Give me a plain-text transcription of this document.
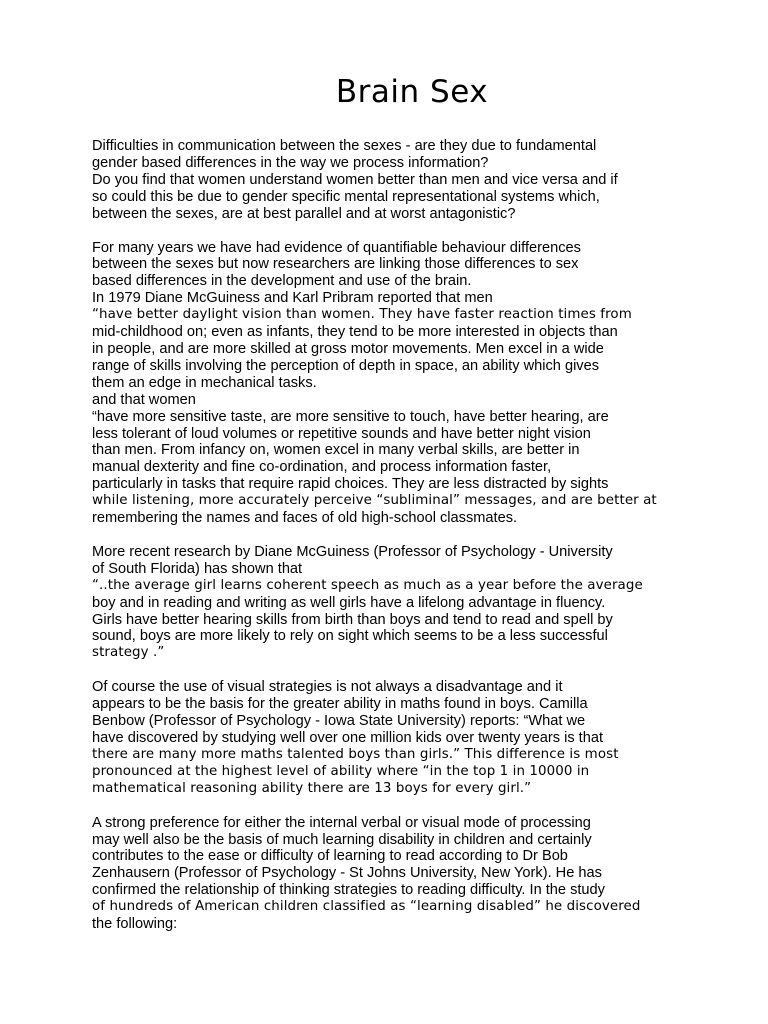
Brain Sex
Difficulties in communication between the sexes - are they due to fundamental
gender based differences in the way we process information?
Do you find that women understand women better than men and vice versa and if
so could this be due to gender specific mental representational systems which,
between the sexes, are at best parallel and at worst antagonistic?
For many years we have had evidence of quantifiable behaviour differences
between the sexes but now researchers are linking those differences to sex
based differences in the development and use of the brain.
In 1979 Diane McGuiness and Karl Pribram reported that men
“have better daylight vision than women. They have faster reaction times from
mid-childhood on; even as infants, they tend to be more interested in objects than
in people, and are more skilled at gross motor movements. Men excel in a wide
range of skills involving the perception of depth in space, an ability which gives
them an edge in mechanical tasks.
and that women
“have more sensitive taste, are more sensitive to touch, have better hearing, are
less tolerant of loud volumes or repetitive sounds and have better night vision
than men. From infancy on, women excel in many verbal skills, are better in
manual dexterity and fine co-ordination, and process information faster,
particularly in tasks that require rapid choices. They are less distracted by sights
while listening, more accurately perceive “subliminal” messages, and are better at
remembering the names and faces of old high-school classmates.
More recent research by Diane McGuiness (Professor of Psychology - University
of South Florida) has shown that
“..the average girl learns coherent speech as much as a year before the average
boy and in reading and writing as well girls have a lifelong advantage in fluency.
Girls have better hearing skills from birth than boys and tend to read and spell by
sound, boys are more likely to rely on sight which seems to be a less successful
strategy .”
Of course the use of visual strategies is not always a disadvantage and it
appears to be the basis for the greater ability in maths found in boys. Camilla
Benbow (Professor of Psychology - Iowa State University) reports: “What we
have discovered by studying well over one million kids over twenty years is that
there are many more maths talented boys than girls.” This difference is most
pronounced at the highest level of ability where “in the top 1 in 10000 in
mathematical reasoning ability there are 13 boys for every girl.”
A strong preference for either the internal verbal or visual mode of processing
may well also be the basis of much learning disability in children and certainly
contributes to the ease or difficulty of learning to read according to Dr Bob
Zenhausern (Professor of Psychology - St Johns University, New York). He has
confirmed the relationship of thinking strategies to reading difficulty. In the study
of hundreds of American children classified as “learning disabled” he discovered
the following:
